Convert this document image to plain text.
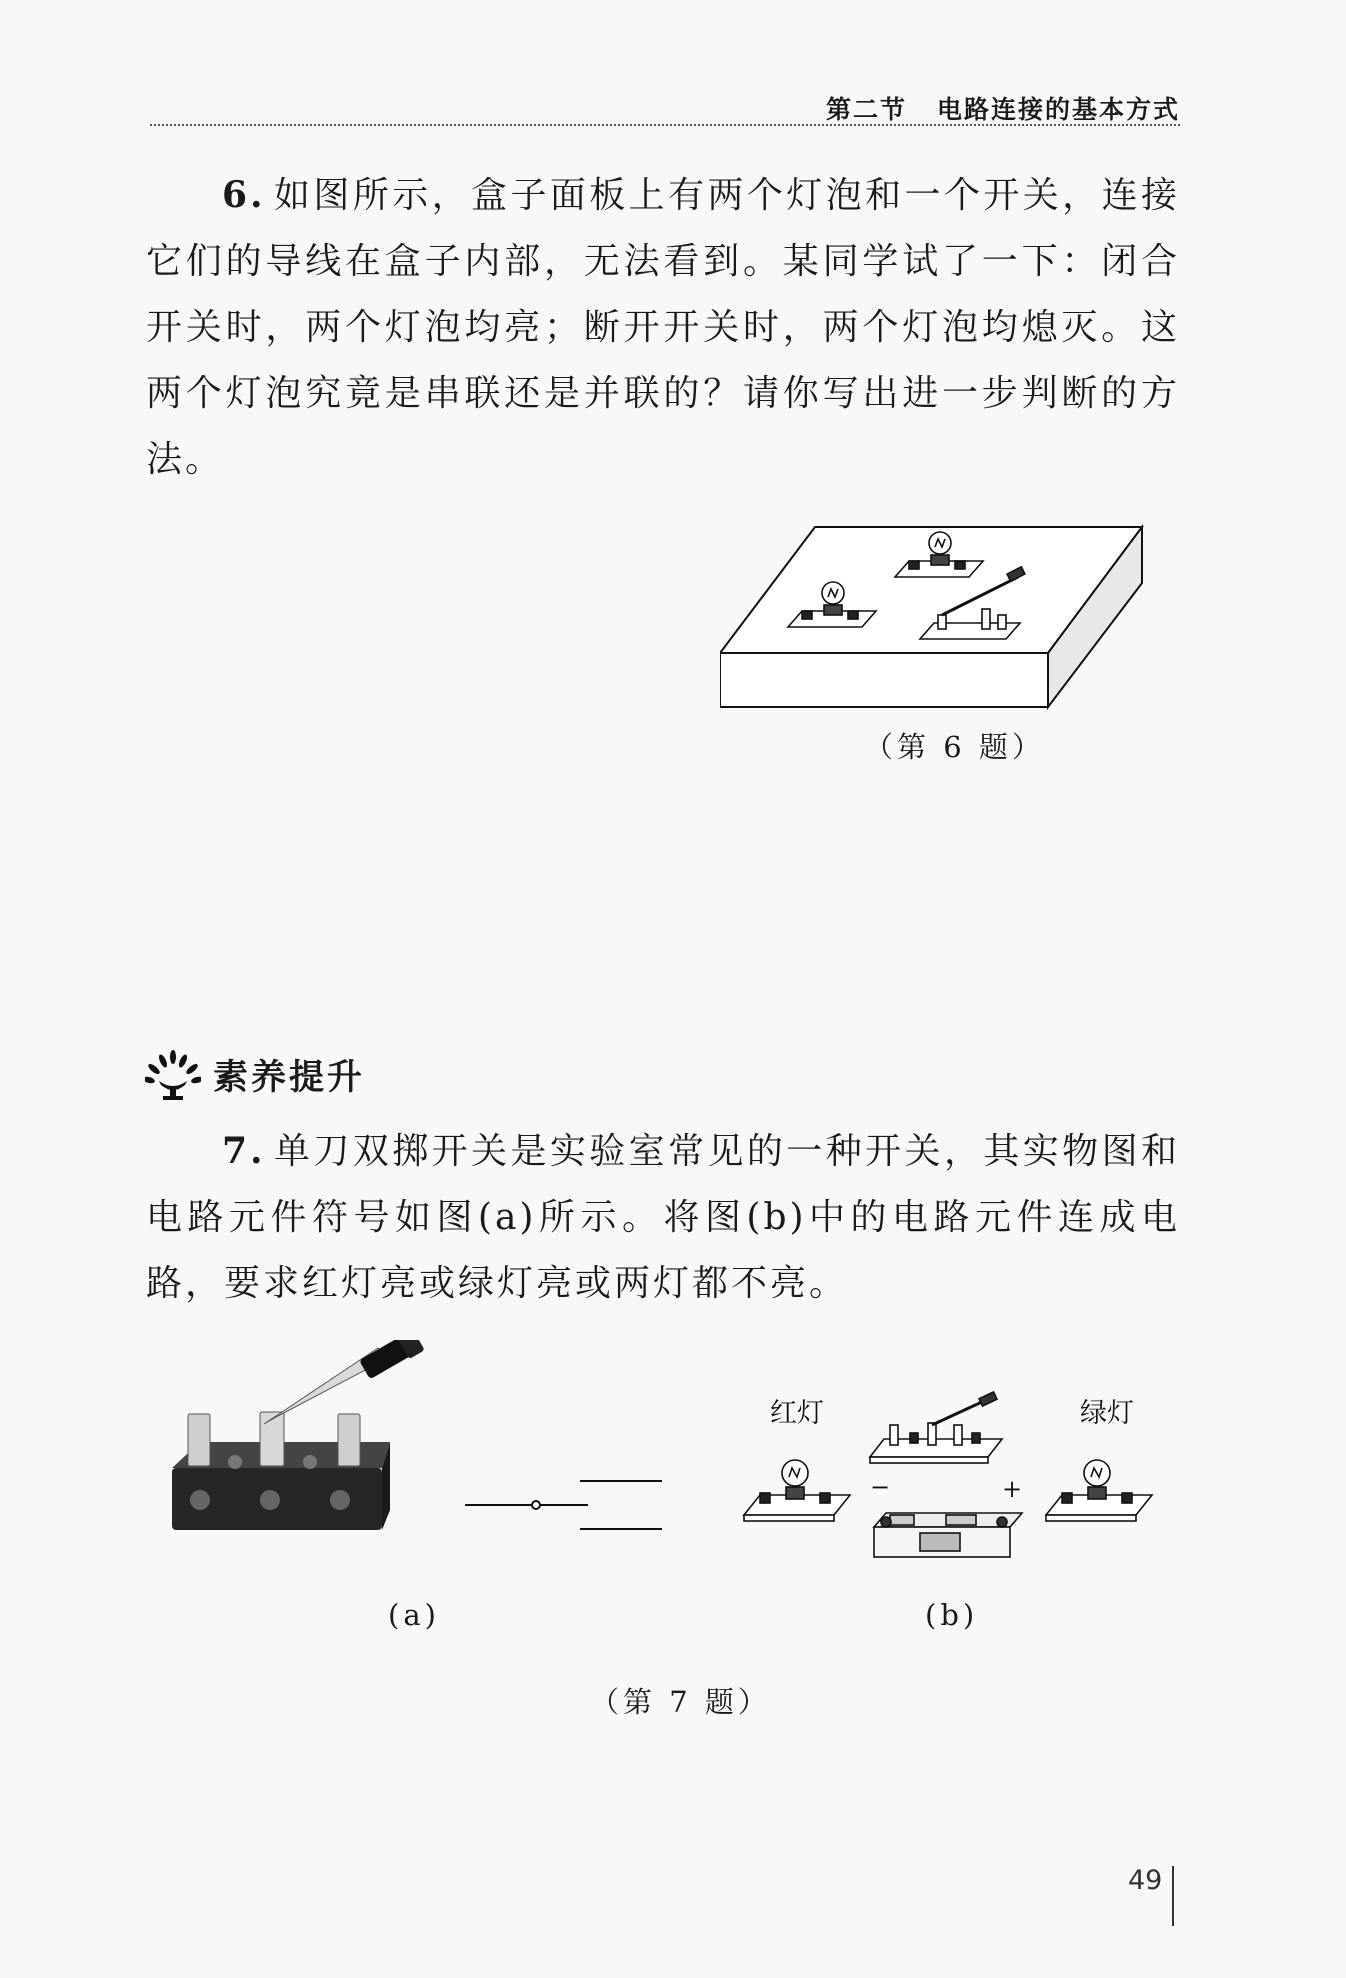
第二节 电路连接的基本方式

6. 如图所示，盒子面板上有两个灯泡和一个开关，连接它们的导线在盒子内部，无法看到。某同学试了一下：闭合开关时，两个灯泡均亮；断开开关时，两个灯泡均熄灭。这两个灯泡究竟是串联还是并联的？请你写出进一步判断的方法。

（第 6 题）
素养提升

7. 单刀双掷开关是实验室常见的一种开关，其实物图和电路元件符号如图(a)所示。将图(b)中的电路元件连成电路，要求红灯亮或绿灯亮或两灯都不亮。

红灯
−	+
绿灯
(a)	(b)
（第 7 题）
49
